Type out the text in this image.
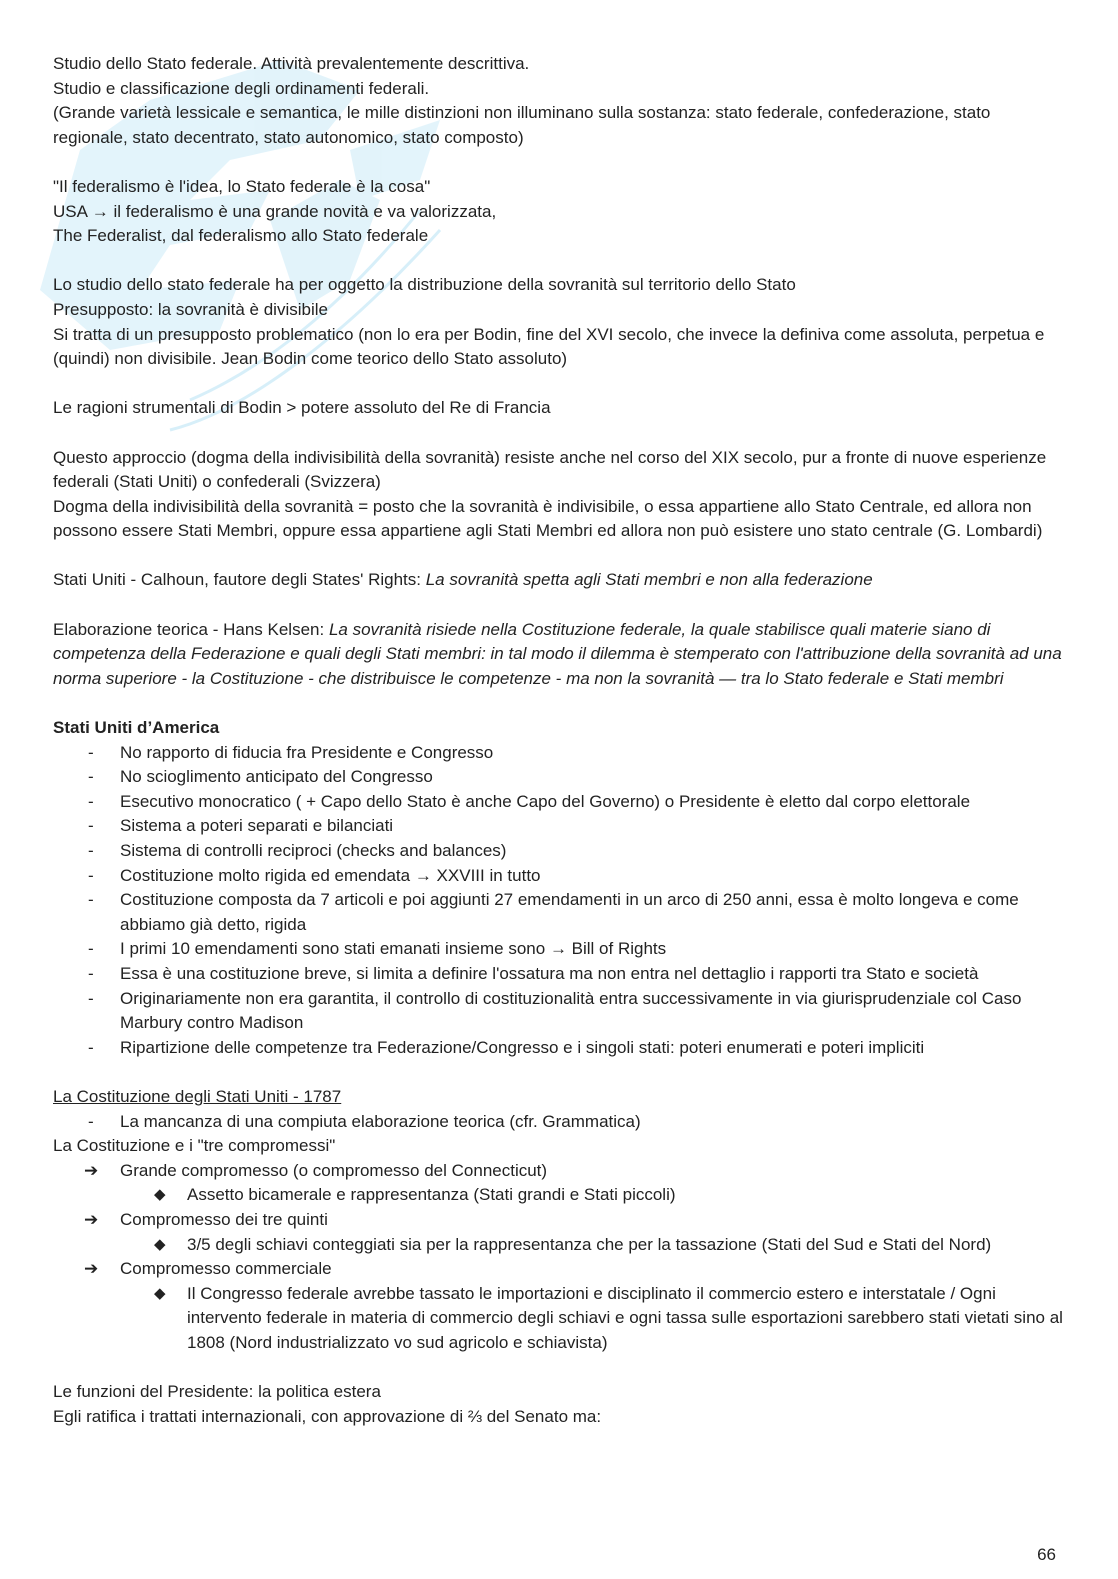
Studio dello Stato federale. Attività prevalentemente descrittiva.

Studio e classificazione degli ordinamenti federali.

(Grande varietà lessicale e semantica, le mille distinzioni non illuminano sulla sostanza: stato federale, confederazione, stato regionale, stato decentrato, stato autonomico, stato composto)

"Il federalismo è l'idea, lo Stato federale è la cosa"

USA → il federalismo è una grande novità e va valorizzata,

The Federalist, dal federalismo allo Stato federale

Lo studio dello stato federale ha per oggetto la distribuzione della sovranità sul territorio dello Stato

Presupposto: la sovranità è divisibile

Si tratta di un presupposto problematico (non lo era per Bodin, fine del XVI secolo, che invece la definiva come assoluta, perpetua e (quindi) non divisibile. Jean Bodin come teorico dello Stato assoluto)

Le ragioni strumentali di Bodin > potere assoluto del Re di Francia

Questo approccio (dogma della indivisibilità della sovranità) resiste anche nel corso del XIX secolo, pur a fronte di nuove esperienze federali (Stati Uniti) o confederali (Svizzera)

Dogma della indivisibilità della sovranità = posto che la sovranità è indivisibile, o essa appartiene allo Stato Centrale, ed allora non possono essere Stati Membri, oppure essa appartiene agli Stati Membri ed allora non può esistere uno stato centrale (G. Lombardi)

Stati Uniti - Calhoun, fautore degli States' Rights: La sovranità spetta agli Stati membri e non alla federazione

Elaborazione teorica - Hans Kelsen: La sovranità risiede nella Costituzione federale, la quale stabilisce quali materie siano di competenza della Federazione e quali degli Stati membri: in tal modo il dilemma è stemperato con l'attribuzione della sovranità ad una norma superiore - la Costituzione - che distribuisce le competenze - ma non la sovranità — tra lo Stato federale e Stati membri

Stati Uniti d’America

- No rapporto di fiducia fra Presidente e Congresso
- No scioglimento anticipato del Congresso
- Esecutivo monocratico ( + Capo dello Stato è anche Capo del Governo) o Presidente è eletto dal corpo elettorale
- Sistema a poteri separati e bilanciati
- Sistema di controlli reciproci (checks and balances)
- Costituzione molto rigida ed emendata → XXVIII in tutto
- Costituzione composta da 7 articoli e poi aggiunti 27 emendamenti in un arco di 250 anni, essa è molto longeva e come abbiamo già detto, rigida
- I primi 10 emendamenti sono stati emanati insieme sono → Bill of Rights
- Essa è una costituzione breve, si limita a definire l'ossatura ma non entra nel dettaglio i rapporti tra Stato e società
- Originariamente non era garantita, il controllo di costituzionalità entra successivamente in via giurisprudenziale col Caso Marbury contro Madison
- Ripartizione delle competenze tra Federazione/Congresso e i singoli stati: poteri enumerati e poteri impliciti

La Costituzione degli Stati Uniti - 1787

- La mancanza di una compiuta elaborazione teorica (cfr. Grammatica)

La Costituzione e i "tre compromessi"

➔ Grande compromesso (o compromesso del Connecticut)
◆ Assetto bicamerale e rappresentanza (Stati grandi e Stati piccoli)
➔ Compromesso dei tre quinti
◆ 3/5 degli schiavi conteggiati sia per la rappresentanza che per la tassazione (Stati del Sud e Stati del Nord)
➔ Compromesso commerciale
◆ Il Congresso federale avrebbe tassato le importazioni e disciplinato il commercio estero e interstatale / Ogni intervento federale in materia di commercio degli schiavi e ogni tassa sulle esportazioni sarebbero stati vietati sino al 1808 (Nord industrializzato vo sud agricolo e schiavista)

Le funzioni del Presidente: la politica estera

Egli ratifica i trattati internazionali, con approvazione di ⅔ del Senato ma:

66
